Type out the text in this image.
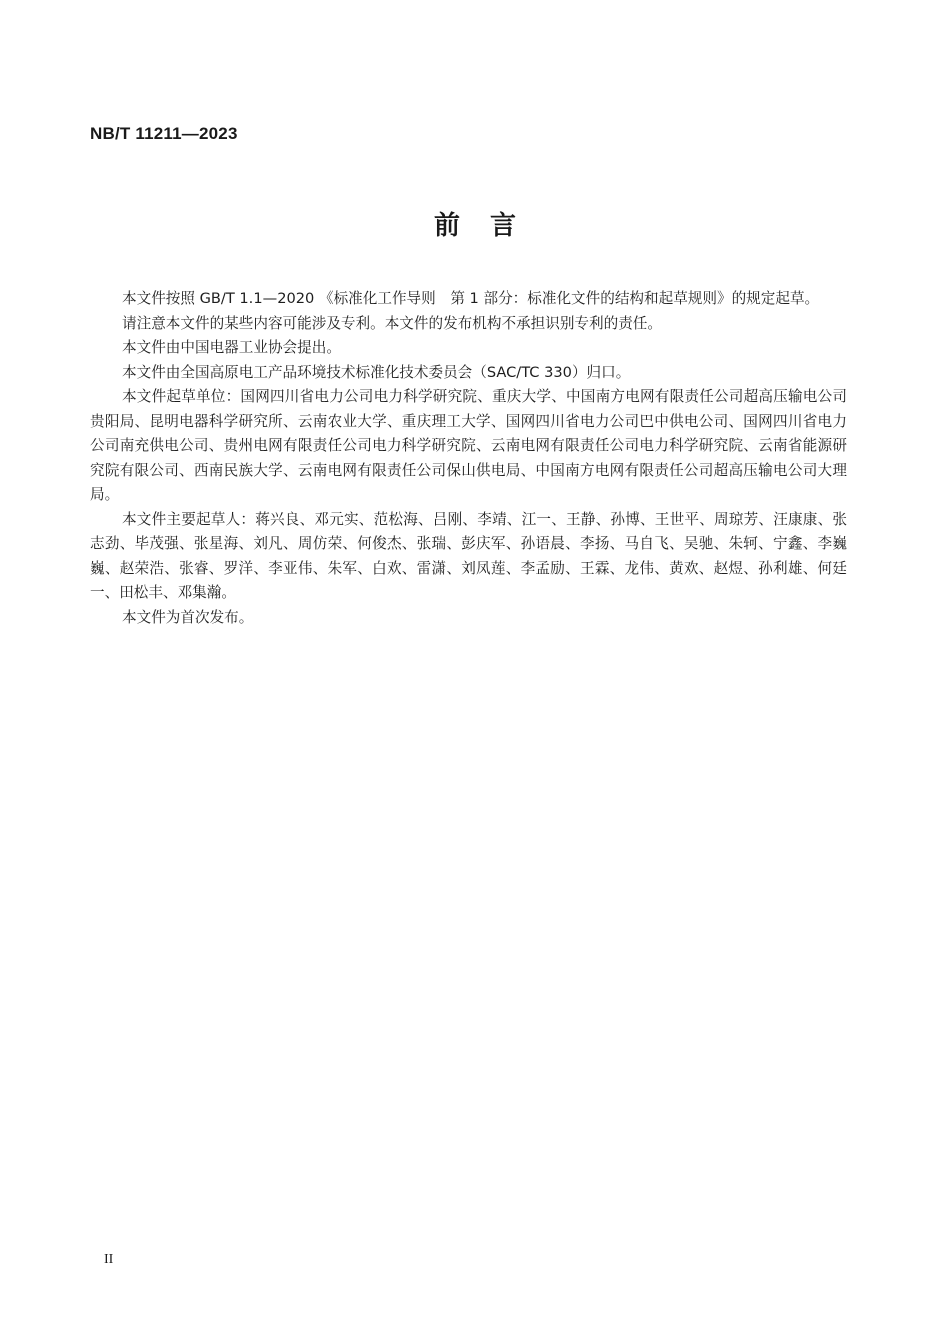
NB/T 11211—2023
前言

本文件按照 GB/T 1.1—2020 《标准化工作导则　第 1 部分：标准化文件的结构和起草规则》的规定起草。

请注意本文件的某些内容可能涉及专利。本文件的发布机构不承担识别专利的责任。

本文件由中国电器工业协会提出。

本文件由全国高原电工产品环境技术标准化技术委员会（SAC/TC 330）归口。

本文件起草单位：国网四川省电力公司电力科学研究院、重庆大学、中国南方电网有限责任公司超高压输电公司贵阳局、昆明电器科学研究所、云南农业大学、重庆理工大学、国网四川省电力公司巴中供电公司、国网四川省电力公司南充供电公司、贵州电网有限责任公司电力科学研究院、云南电网有限责任公司电力科学研究院、云南省能源研究院有限公司、西南民族大学、云南电网有限责任公司保山供电局、中国南方电网有限责任公司超高压输电公司大理局。

本文件主要起草人：蒋兴良、邓元实、范松海、吕刚、李靖、江一、王静、孙博、王世平、周琼芳、汪康康、张志劲、毕茂强、张星海、刘凡、周仿荣、何俊杰、张瑞、彭庆军、孙语晨、李扬、马自飞、吴驰、朱轲、宁鑫、李巍巍、赵荣浩、张睿、罗洋、李亚伟、朱军、白欢、雷潇、刘凤莲、李孟励、王霖、龙伟、黄欢、赵煜、孙利雄、何廷一、田松丰、邓集瀚。

本文件为首次发布。

II
